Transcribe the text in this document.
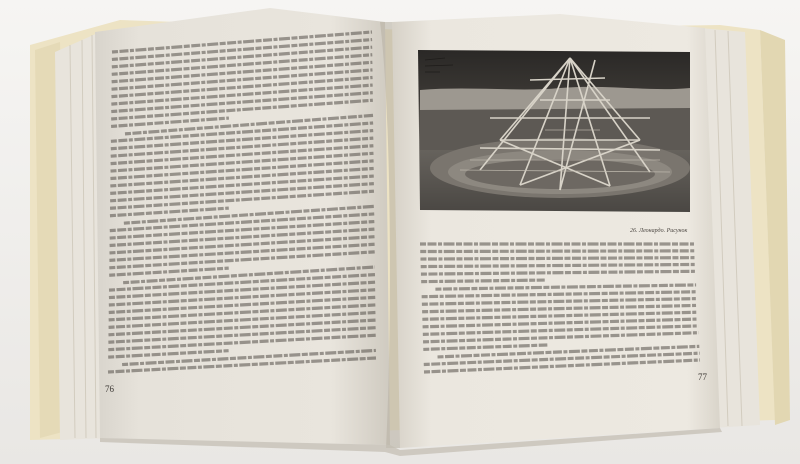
76
26. Леонардо. Рисунок
77
